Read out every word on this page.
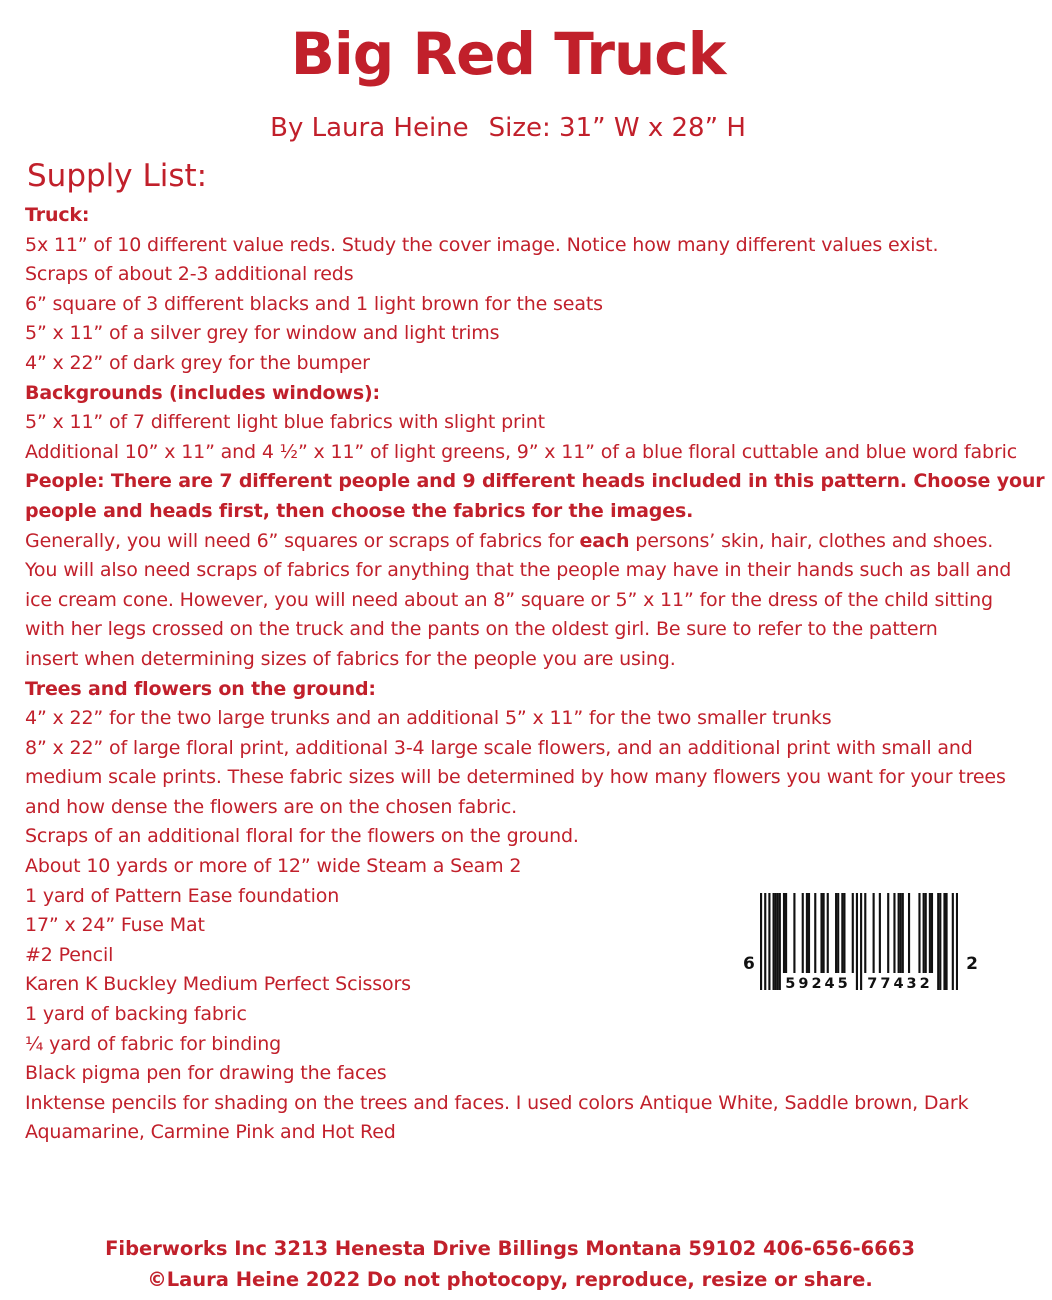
Big Red Truck
By Laura Heine Size: 31” W x 28” H
Supply List:
Truck:
5x 11” of 10 different value reds. Study the cover image. Notice how many different values exist.
Scraps of about 2-3 additional reds
6” square of 3 different blacks and 1 light brown for the seats
5” x 11” of a silver grey for window and light trims
4” x 22” of dark grey for the bumper
Backgrounds (includes windows):
5” x 11” of 7 different light blue fabrics with slight print
Additional 10” x 11” and 4 ½” x 11” of light greens, 9” x 11” of a blue floral cuttable and blue word fabric
People: There are 7 different people and 9 different heads included in this pattern. Choose your
people and heads first, then choose the fabrics for the images.
Generally, you will need 6” squares or scraps of fabrics for each persons’ skin, hair, clothes and shoes.
You will also need scraps of fabrics for anything that the people may have in their hands such as ball and
ice cream cone. However, you will need about an 8” square or 5” x 11” for the dress of the child sitting
with her legs crossed on the truck and the pants on the oldest girl. Be sure to refer to the pattern
insert when determining sizes of fabrics for the people you are using.
Trees and flowers on the ground:
4” x 22” for the two large trunks and an additional 5” x 11” for the two smaller trunks
8” x 22” of large floral print, additional 3-4 large scale flowers, and an additional print with small and
medium scale prints. These fabric sizes will be determined by how many flowers you want for your trees
and how dense the flowers are on the chosen fabric.
Scraps of an additional floral for the flowers on the ground.
About 10 yards or more of 12” wide Steam a Seam 2
1 yard of Pattern Ease foundation
17” x 24” Fuse Mat
#2 Pencil
Karen K Buckley Medium Perfect Scissors
1 yard of backing fabric
¼ yard of fabric for binding
Black pigma pen for drawing the faces
Inktense pencils for shading on the trees and faces. I used colors Antique White, Saddle brown, Dark
Aquamarine, Carmine Pink and Hot Red
6
59245 77432
2
Fiberworks Inc 3213 Henesta Drive Billings Montana 59102 406-656-6663
©Laura Heine 2022 Do not photocopy, reproduce, resize or share.
